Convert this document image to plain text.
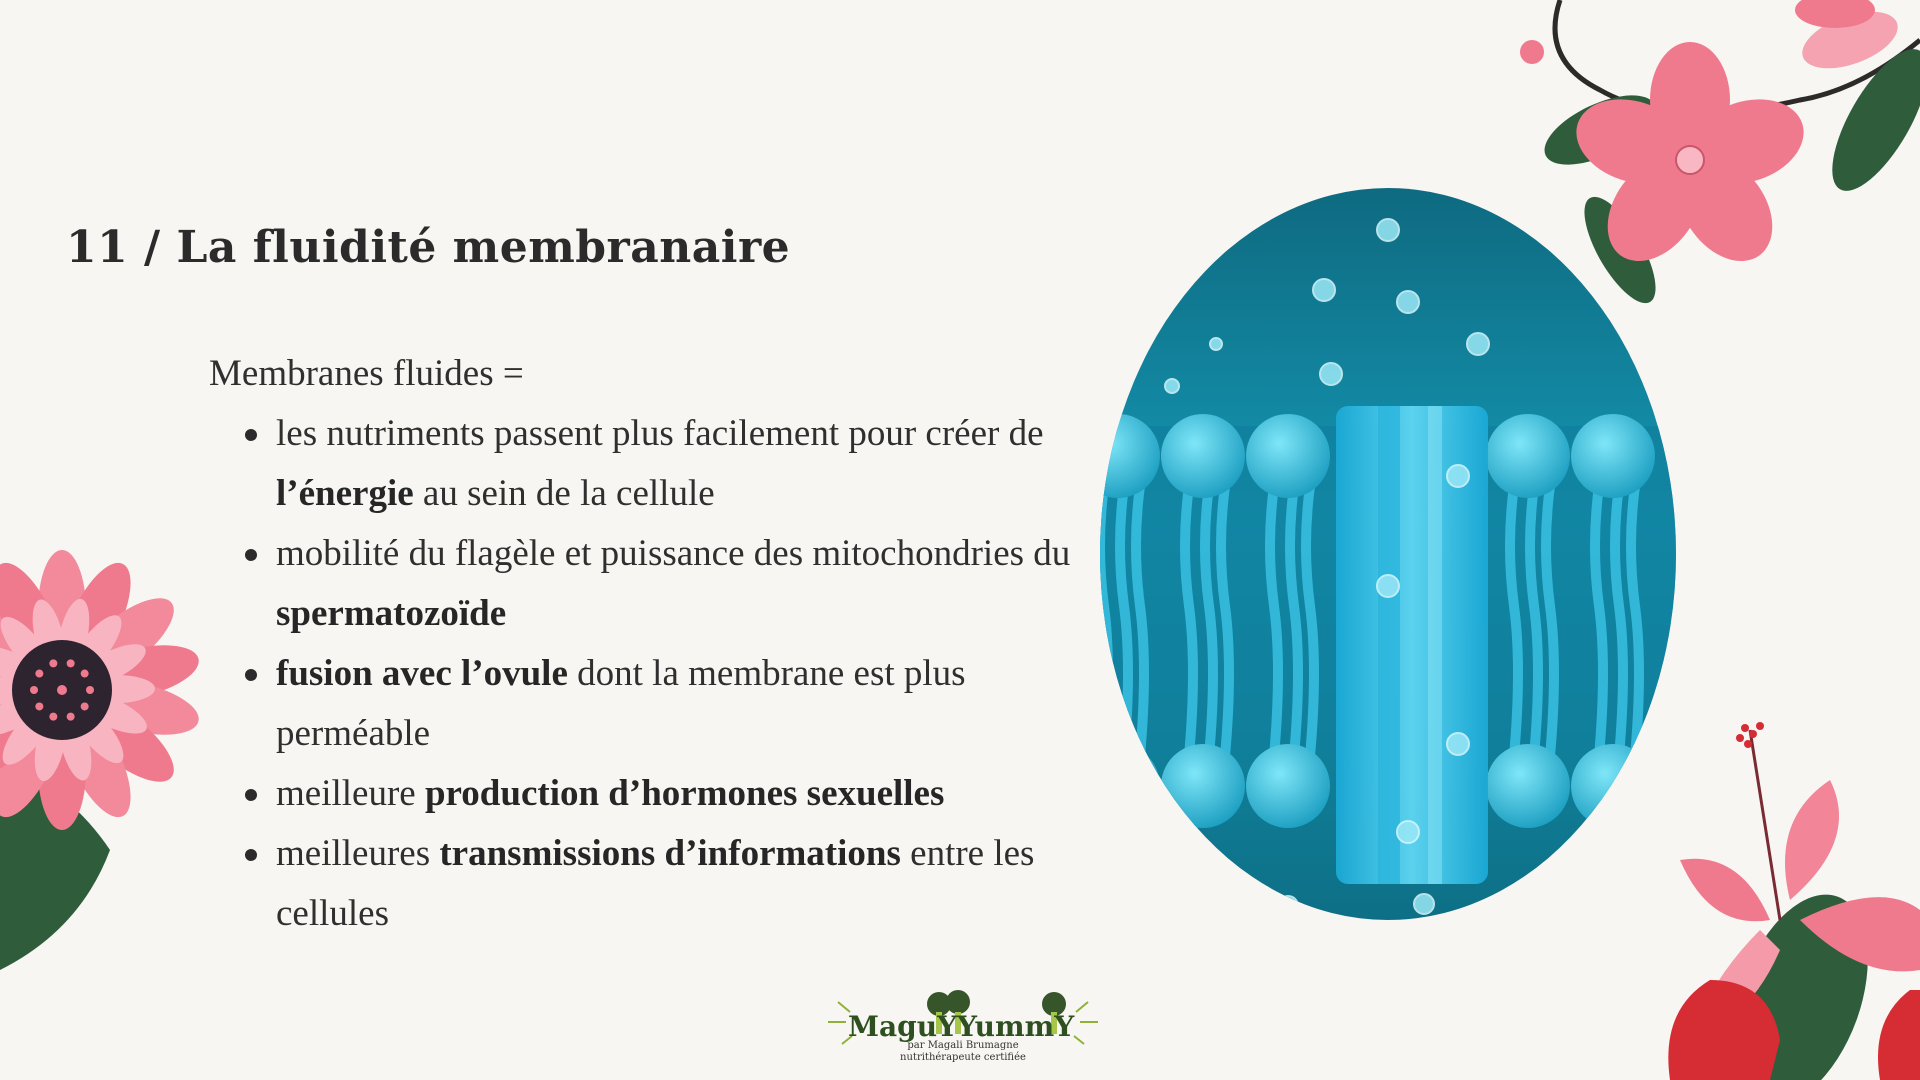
11 / La fluidité membranaire

Membranes fluides =

les nutriments passent plus facilement pour créer de l’énergie au sein de la cellule
mobilité du flagèle et puissance des mitochondries du spermatozoïde
fusion avec l’ovule dont la membrane est plus perméable
meilleure production d’hormones sexuelles
meilleures transmissions d’informations entre les cellules
MaguYYummY
par Magali Brumagne
nutrithérapeute certifiée
